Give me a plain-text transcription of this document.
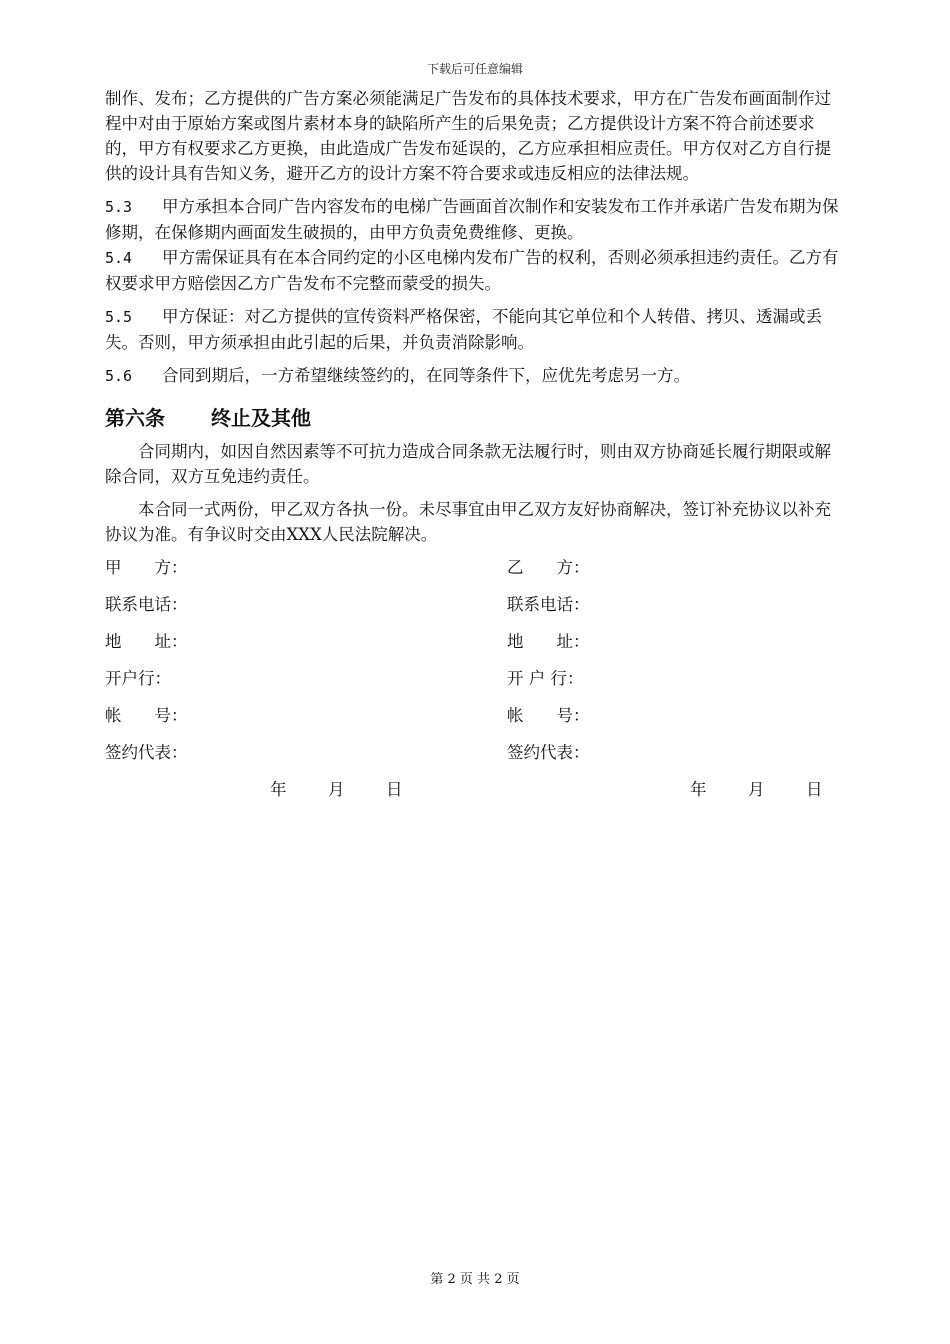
下载后可任意编辑

制作、发布；乙方提供的广告方案必须能满足广告发布的具体技术要求，甲方在广告发布画面制作过程中对由于原始方案或图片素材本身的缺陷所产生的后果免责；乙方提供设计方案不符合前述要求的，甲方有权要求乙方更换，由此造成广告发布延误的，乙方应承担相应责任。甲方仅对乙方自行提供的设计具有告知义务，避开乙方的设计方案不符合要求或违反相应的法律法规。

5.3 甲方承担本合同广告内容发布的电梯广告画面首次制作和安装发布工作并承诺广告发布期为保修期，在保修期内画面发生破损的，由甲方负责免费维修、更换。

5.4 甲方需保证具有在本合同约定的小区电梯内发布广告的权利，否则必须承担违约责任。乙方有权要求甲方赔偿因乙方广告发布不完整而蒙受的损失。

5.5 甲方保证：对乙方提供的宣传资料严格保密，不能向其它单位和个人转借、拷贝、透漏或丢失。否则，甲方须承担由此引起的后果，并负责消除影响。

5.6 合同到期后，一方希望继续签约的，在同等条件下，应优先考虑另一方。

第六条 终止及其他

合同期内，如因自然因素等不可抗力造成合同条款无法履行时，则由双方协商延长履行期限或解除合同，双方互免违约责任。

本合同一式两份，甲乙双方各执一份。未尽事宜由甲乙双方友好协商解决，签订补充协议以补充协议为准。有争议时交由XXX人民法院解决。

甲　　方：	乙　　方：
联系电话：	联系电话：
地　　址：	地　　址：
开户行：	开 户 行：
帐　　号：	帐　　号：
签约代表：	签约代表：
年	月	日	年	月	日
第 2 页 共 2 页
